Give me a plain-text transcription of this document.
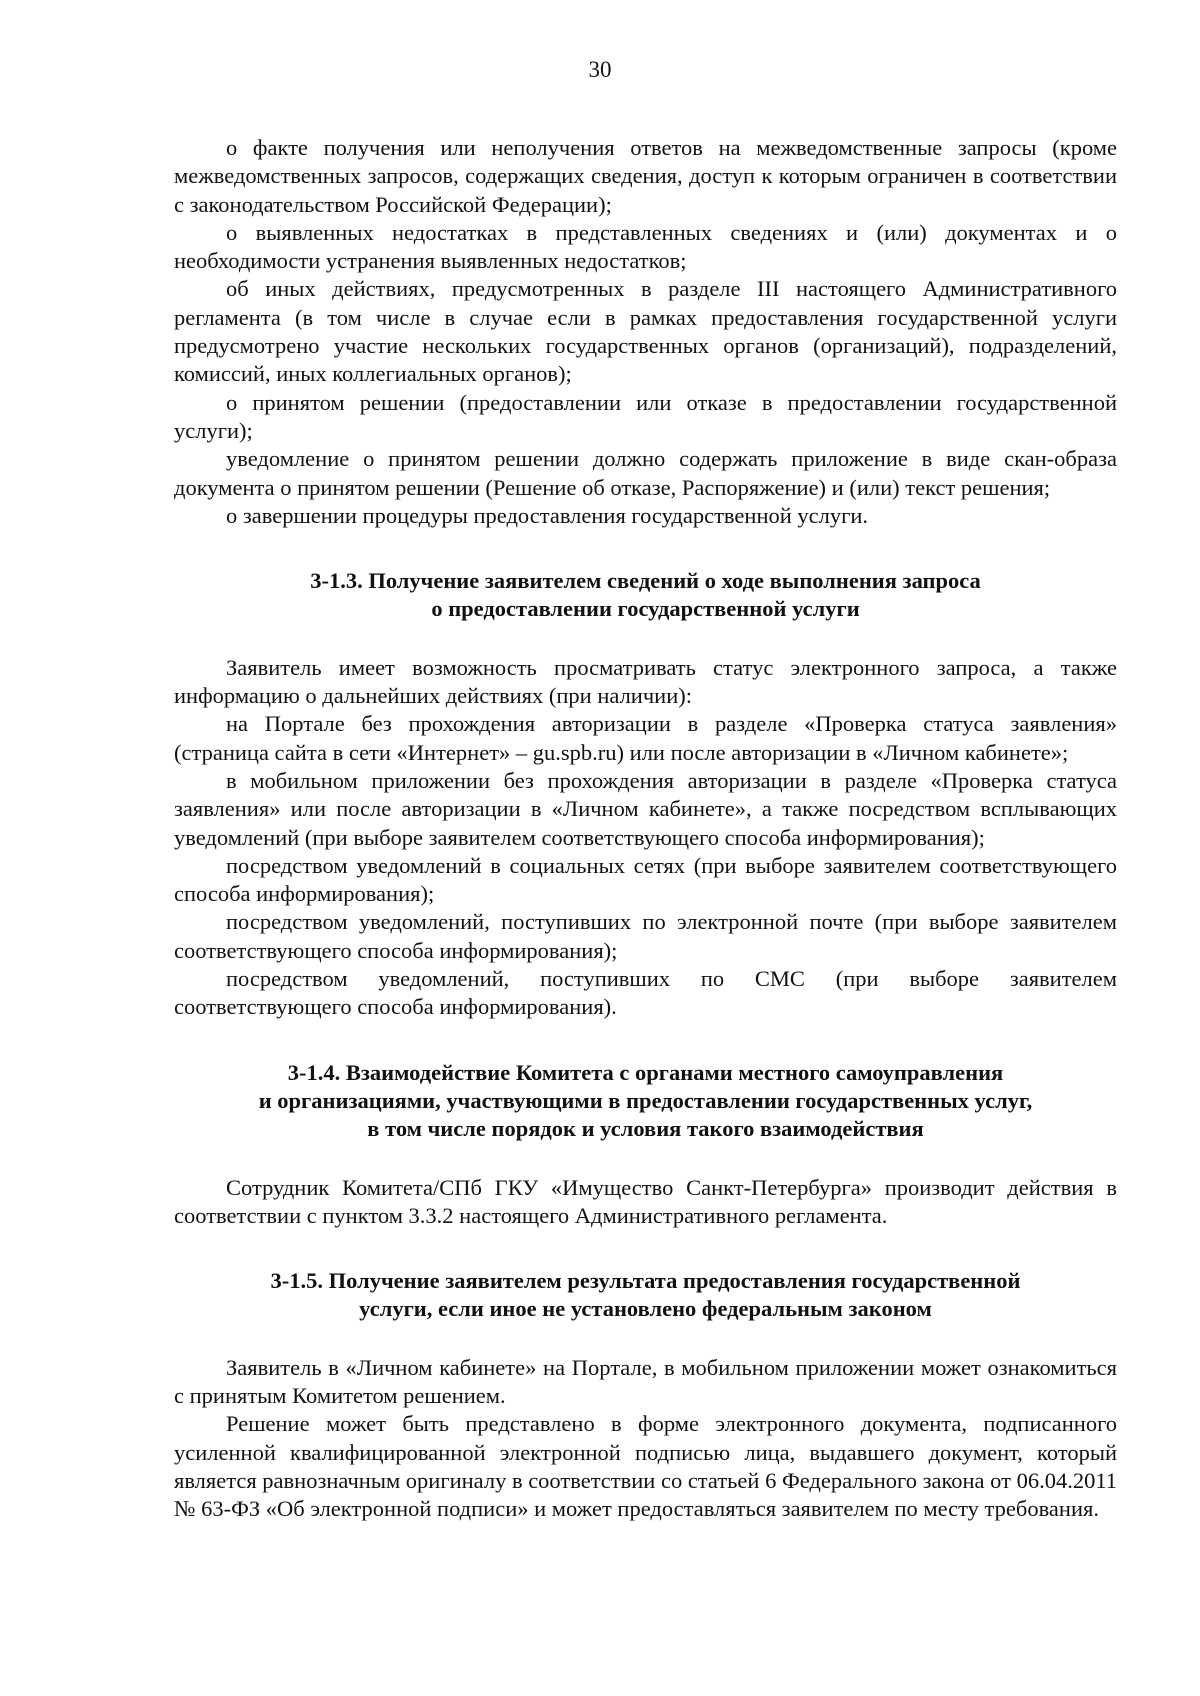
30

о факте получения или неполучения ответов на межведомственные запросы (кроме межведомственных запросов, содержащих сведения, доступ к которым ограничен в соответствии с законодательством Российской Федерации);

о выявленных недостатках в представленных сведениях и (или) документах и о необходимости устранения выявленных недостатков;

об иных действиях, предусмотренных в разделе III настоящего Административного регламента (в том числе в случае если в рамках предоставления государственной услуги предусмотрено участие нескольких государственных органов (организаций), подразделений, комиссий, иных коллегиальных органов);

о принятом решении (предоставлении или отказе в предоставлении государственной услуги);

уведомление о принятом решении должно содержать приложение в виде скан-образа документа о принятом решении (Решение об отказе, Распоряжение) и (или) текст решения;

о завершении процедуры предоставления государственной услуги.

3-1.3. Получение заявителем сведений о ходе выполнения запроса
о предоставлении государственной услуги

Заявитель имеет возможность просматривать статус электронного запроса, а также информацию о дальнейших действиях (при наличии):

на Портале без прохождения авторизации в разделе «Проверка статуса заявления» (страница сайта в сети «Интернет» – gu.spb.ru) или после авторизации в «Личном кабинете»;

в мобильном приложении без прохождения авторизации в разделе «Проверка статуса заявления» или после авторизации в «Личном кабинете», а также посредством всплывающих уведомлений (при выборе заявителем соответствующего способа информирования);

посредством уведомлений в социальных сетях (при выборе заявителем соответствующего способа информирования);

посредством уведомлений, поступивших по электронной почте (при выборе заявителем соответствующего способа информирования);

посредством уведомлений, поступивших по СМС (при выборе заявителем соответствующего способа информирования).

3-1.4. Взаимодействие Комитета с органами местного самоуправления
и организациями, участвующими в предоставлении государственных услуг,
в том числе порядок и условия такого взаимодействия

Сотрудник Комитета/СПб ГКУ «Имущество Санкт-Петербурга» производит действия в соответствии с пунктом 3.3.2 настоящего Административного регламента.

3-1.5. Получение заявителем результата предоставления государственной
услуги, если иное не установлено федеральным законом

Заявитель в «Личном кабинете» на Портале, в мобильном приложении может ознакомиться с принятым Комитетом решением.

Решение может быть представлено в форме электронного документа, подписанного усиленной квалифицированной электронной подписью лица, выдавшего документ, который является равнозначным оригиналу в соответствии со статьей 6 Федерального закона от 06.04.2011 № 63-ФЗ «Об электронной подписи» и может предоставляться заявителем по месту требования.
